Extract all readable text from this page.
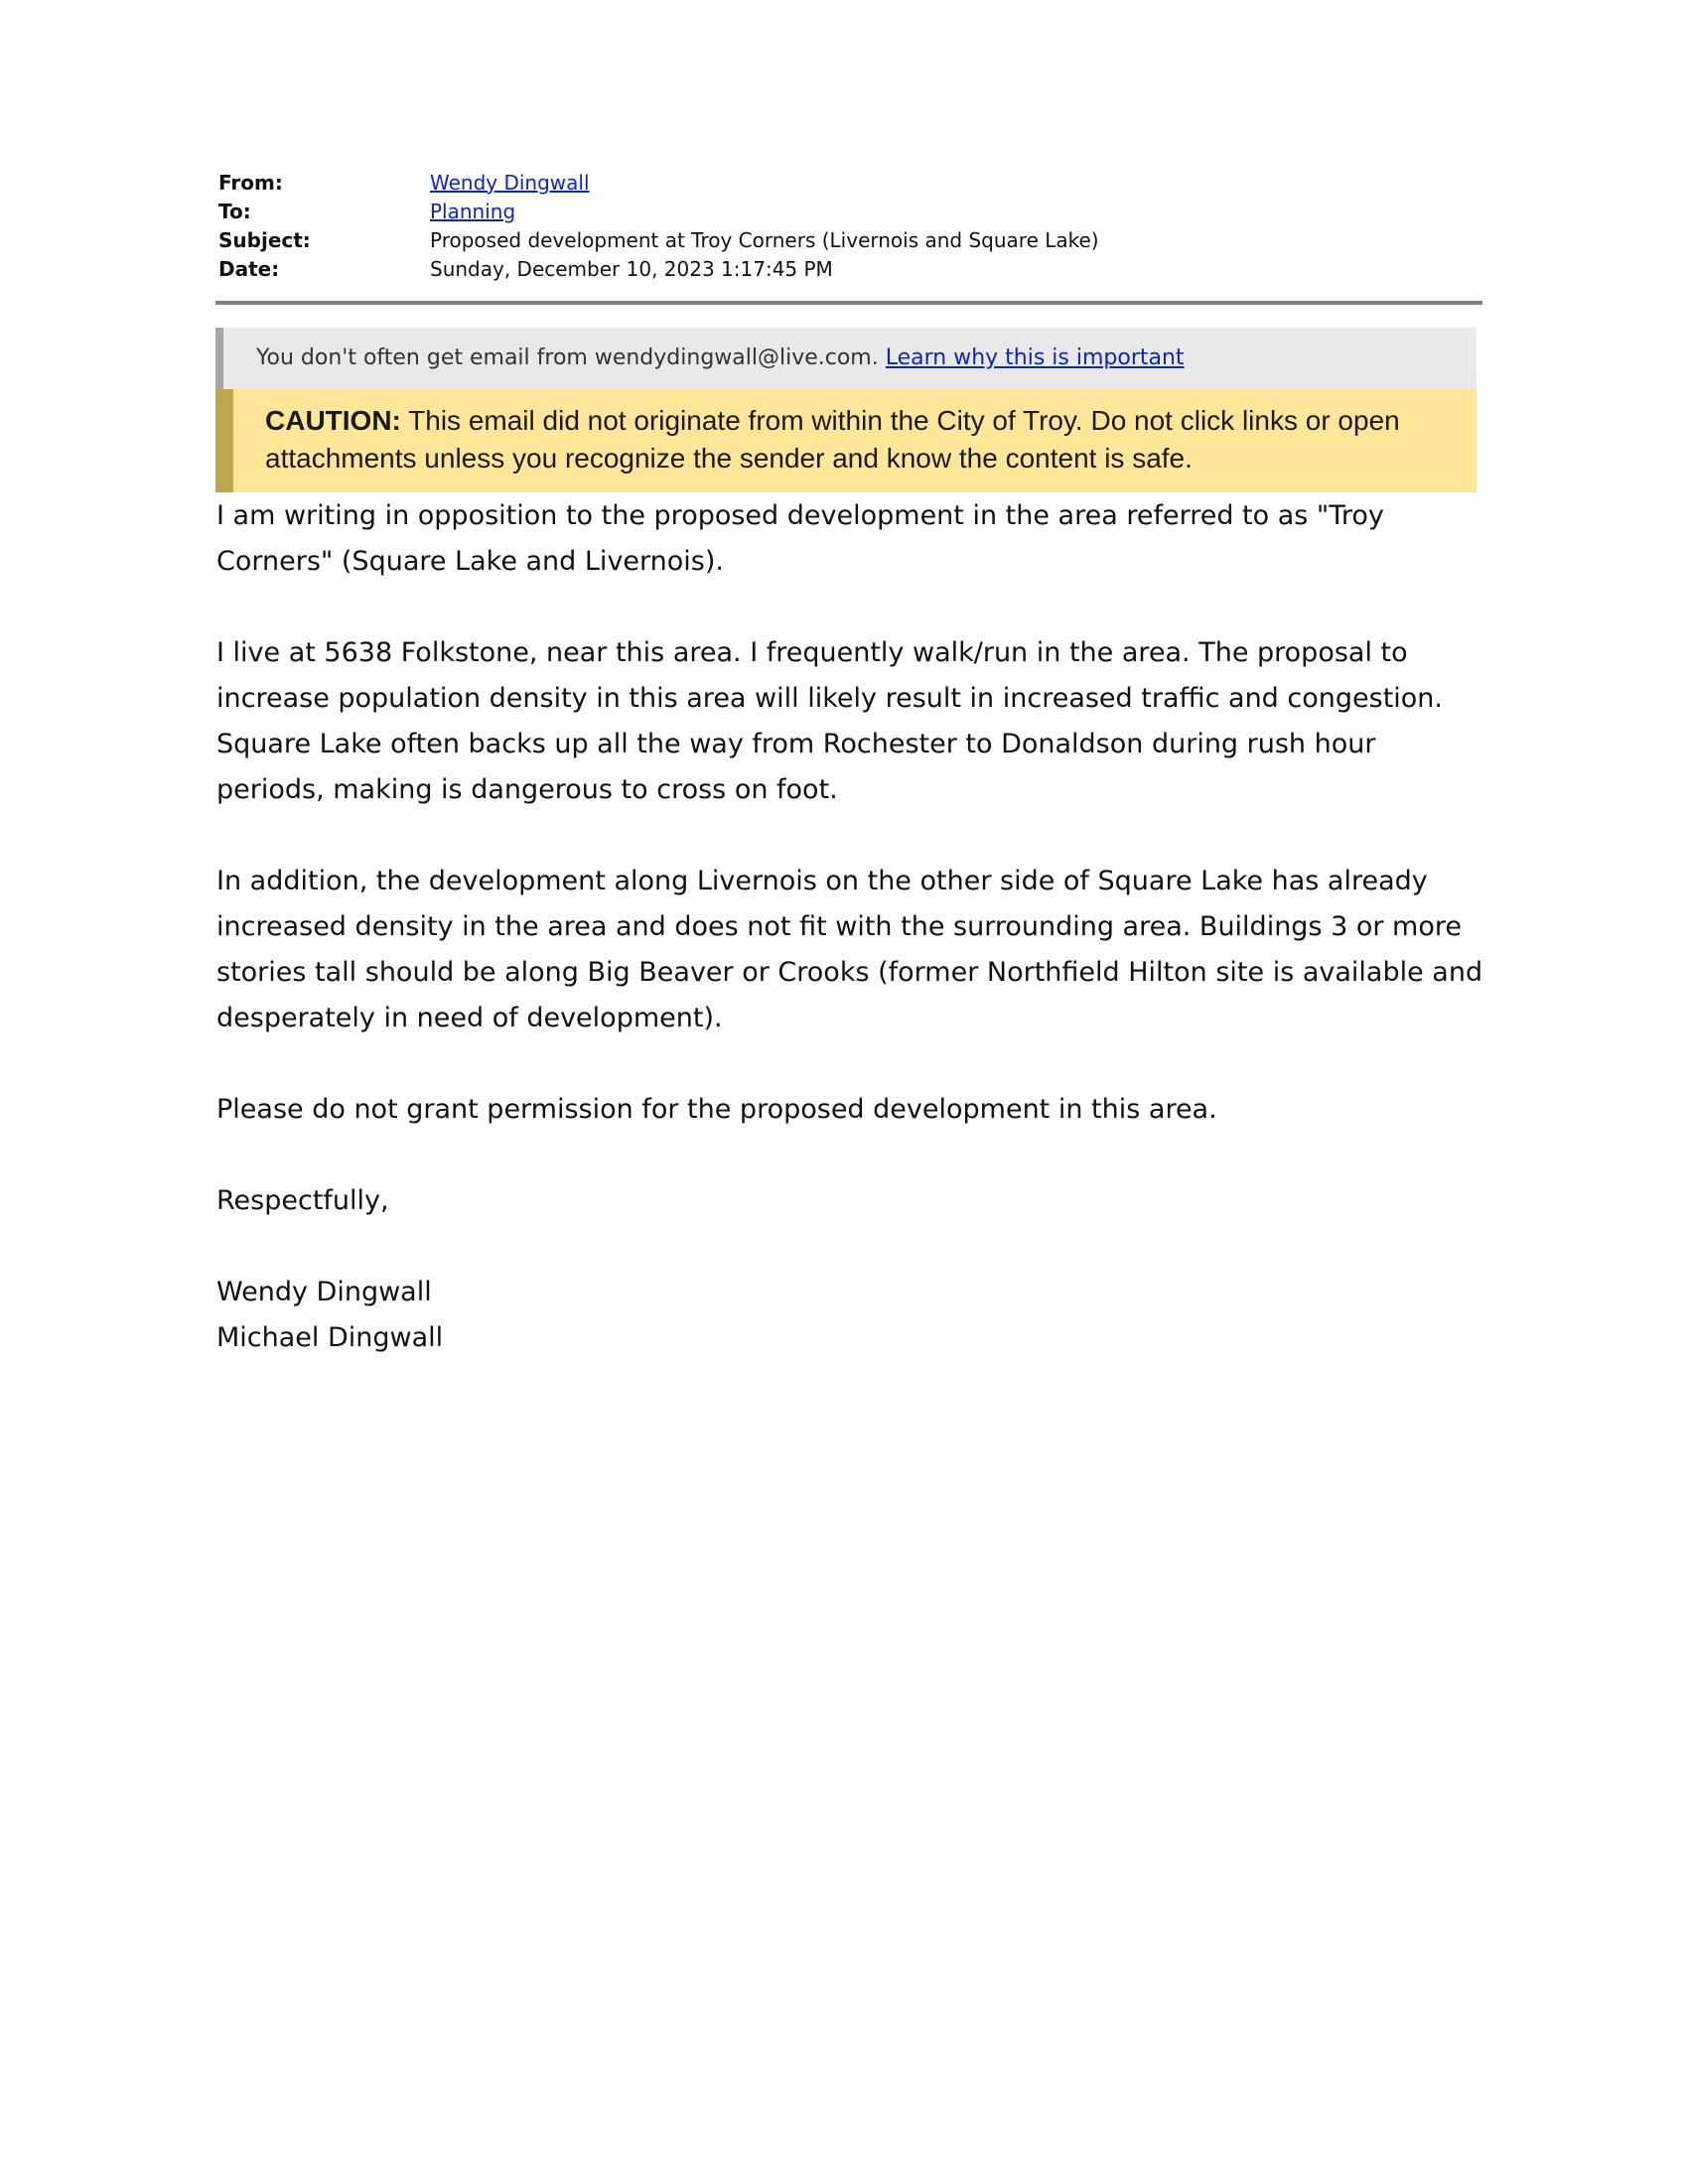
From:	Wendy Dingwall
To:	Planning
Subject:	Proposed development at Troy Corners (Livernois and Square Lake)
Date:	Sunday, December 10, 2023 1:17:45 PM
You don't often get email from wendydingwall@live.com. Learn why this is important
CAUTION: This email did not originate from within the City of Troy. Do not click links or open attachments unless you recognize the sender and know the content is safe.

I am writing in opposition to the proposed development in the area referred to as "Troy Corners" (Square Lake and Livernois).

I live at 5638 Folkstone, near this area. I frequently walk/run in the area. The proposal to increase population density in this area will likely result in increased traffic and congestion. Square Lake often backs up all the way from Rochester to Donaldson during rush hour periods, making is dangerous to cross on foot.

In addition, the development along Livernois on the other side of Square Lake has already increased density in the area and does not fit with the surrounding area. Buildings 3 or more stories tall should be along Big Beaver or Crooks (former Northfield Hilton site is available and desperately in need of development).

Please do not grant permission for the proposed development in this area.

Respectfully,

Wendy Dingwall

Michael Dingwall
